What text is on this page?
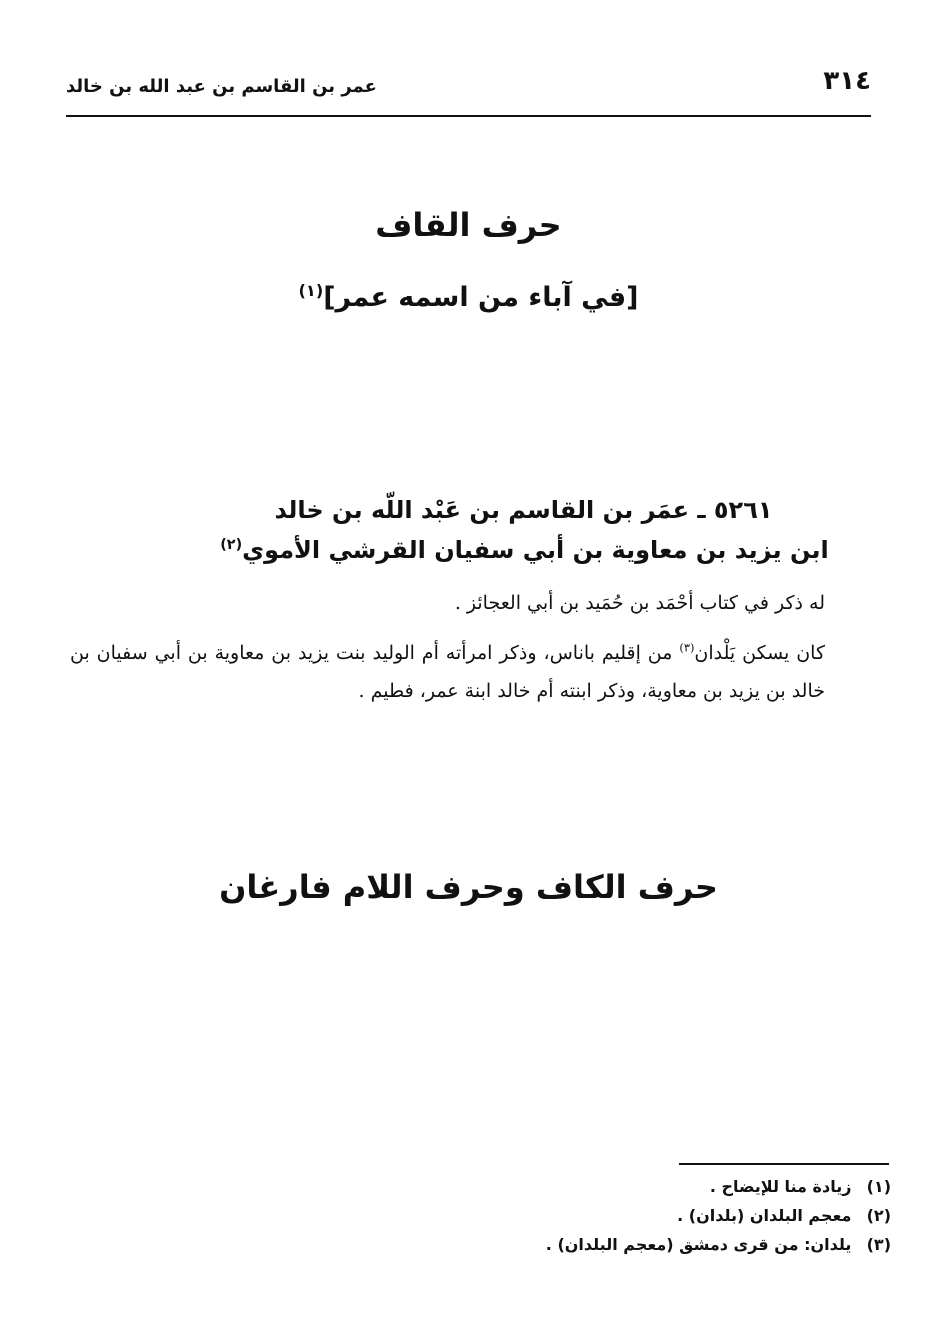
٣١٤
عمر بن القاسم بن عبد الله بن خالد
حرف القاف
[في آباء من اسمه عمر]$^{(١)}$
٥٢٦١ ـ عمَر بن القاسم بن عَبْد اللّه بن خالد
ابن يزيد بن معاوية بن أبي سفيان القرشي الأموي$^{(٢)}$
له ذكر في كتاب أحْمَد بن حُمَيد بن أبي العجائز .
كان يسكن يَلْدان$^{(٣)}$ من إقليم باناس، وذكر امرأته أم الوليد بنت يزيد بن معاوية بن أبي سفيان بن خالد بن يزيد بن معاوية، وذكر ابنته أم خالد ابنة عمر، فطيم .
حرف الكاف وحرف اللام فارغان
(١) زيادة منا للإيضاح .
(٢) معجم البلدان (بلدان) .
(٣) يلدان: من قرى دمشق (معجم البلدان) .
